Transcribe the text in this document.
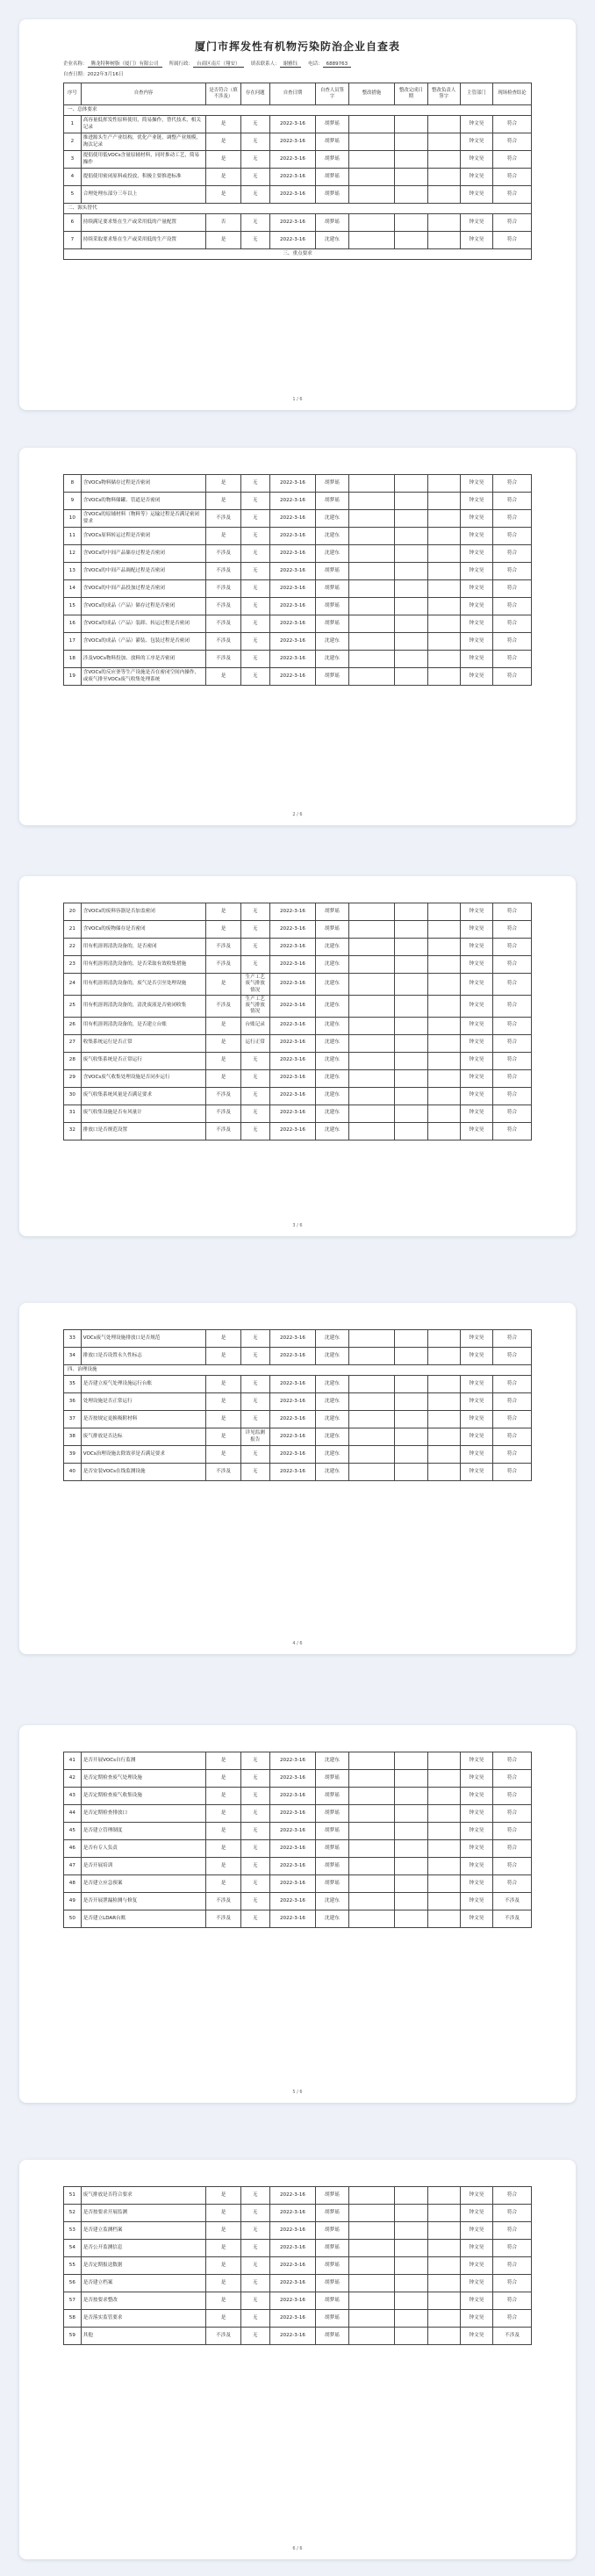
厦门市挥发性有机物污染防治企业自查表
企业名称： 腾龙特种树脂（厦门）有限公司 所属行政： 台商区南片（翔安） 填表联系人： 谢雅钰 电话： 6889763
自查日期：2022年3月16日
序号	自查内容	是否符合（填不涉及）	存在问题	自查日期	自查人员签字	整改措施	整改完成日期	整改负责人签字	主管部门	现场检查结论
一、总体要求										
1	高容量低挥发性原料使用，简易操作，替代技术，相关记录	是	无	2022-3-16	胡梦瑶				钟文昊	符合
2	推进源头生产产业结构，优化产业链，调整产业规模，淘汰记录	是	无	2022-3-16	胡梦瑶				钟文昊	符合
3	提倡使用低VOCs含量原辅材料，同时推动工艺，简易操作	是	无	2022-3-16	胡梦瑶				钟文昊	符合
4	提倡使用密闭原料或投放，积极主要推进标准	是	无	2022-3-16	胡梦瑶				钟文昊	符合
5	合理处理东部分三年以上	是	无	2022-3-16	胡梦瑶				钟文昊	符合
二、源头替代										
6	持续满足要求集在生产或采用低的产量配置	否	无	2022-3-16	胡梦瑶				钟文昊	符合
7	持续采取要求集在生产或采用低的生产设置	是	无	2022-3-16	沈建东				钟文昊	符合
三、重点要求										
1 / 6
8	含VOCs物料储存过程是否密闭	是	无	2022-3-16	胡梦瑶				钟文昊	符合
9	含VOCs的物料储罐、管道是否密闭	是	无	2022-3-16	胡梦瑶				钟文昊	符合
10	含VOCs的原辅材料（物料等）运输过程是否满足密闭要求	不涉及	无	2022-3-16	沈建东				钟文昊	符合
11	含VOCs原料转运过程是否密闭	是	无	2022-3-16	沈建东				钟文昊	符合
12	含VOCs的中间产品储存过程是否密闭	不涉及	无	2022-3-16	沈建东				钟文昊	符合
13	含VOCs的中间产品调配过程是否密闭	不涉及	无	2022-3-16	胡梦瑶				钟文昊	符合
14	含VOCs的中间产品投加过程是否密闭	不涉及	无	2022-3-16	胡梦瑶				钟文昊	符合
15	含VOCs的成品（产品）储存过程是否密闭	不涉及	无	2022-3-16	胡梦瑶				钟文昊	符合
16	含VOCs的成品（产品）装卸、转运过程是否密闭	不涉及	无	2022-3-16	胡梦瑶				钟文昊	符合
17	含VOCs的成品（产品）灌装、包装过程是否密闭	不涉及	无	2022-3-16	沈建东				钟文昊	符合
18	涉及VOCs物料投加、放料的工序是否密闭	不涉及	无	2022-3-16	沈建东				钟文昊	符合
19	含VOCs的反应釜等生产设施是否在密闭空间内操作，或废气排至VOCs废气收集处理系统	是	无	2022-3-16	胡梦瑶				钟文昊	符合
2 / 6
20	含VOCs的废料容器是否加盖密闭	是	无	2022-3-16	胡梦瑶				钟文昊	符合
21	含VOCs的废物储存是否密闭	是	无	2022-3-16	胡梦瑶				钟文昊	符合
22	用有机溶剂清洗设备的，是否密闭	不涉及	无	2022-3-16	沈建东				钟文昊	符合
23	用有机溶剂清洗设备的，是否采取有效收集措施	不涉及	无	2022-3-16	沈建东				钟文昊	符合
24	用有机溶剂清洗设备的，废气是否引至处理设施	是	生产工艺废气排放情况	2022-3-16	沈建东				钟文昊	符合
25	用有机溶剂清洗设备的，清洗废液是否密闭收集	不涉及	生产工艺废气排放情况	2022-3-16	沈建东				钟文昊	符合
26	用有机溶剂清洗设备的，是否建立台账	是	台账记录	2022-3-16	沈建东				钟文昊	符合
27	收集系统运行是否正常	是	运行正常	2022-3-16	沈建东				钟文昊	符合
28	废气收集系统是否正常运行	是	无	2022-3-16	沈建东				钟文昊	符合
29	含VOCs废气收集处理设施是否同步运行	是	无	2022-3-16	沈建东				钟文昊	符合
30	废气收集系统风量是否满足要求	不涉及	无	2022-3-16	沈建东				钟文昊	符合
31	废气收集设施是否有风量计	不涉及	无	2022-3-16	沈建东				钟文昊	符合
32	排放口是否规范设置	不涉及	无	2022-3-16	沈建东				钟文昊	符合
3 / 6
33	VOCs废气处理设施排放口是否规范	是	无	2022-3-16	沈建东				钟文昊	符合
34	排放口是否设置永久性标志	是	无	2022-3-16	沈建东				钟文昊	符合
四、治理设施										
35	是否建立废气处理设施运行台账	是	无	2022-3-16	沈建东				钟文昊	符合
36	处理设施是否正常运行	是	无	2022-3-16	沈建东				钟文昊	符合
37	是否按规定更换吸附材料	是	无	2022-3-16	沈建东				钟文昊	符合
38	废气排放是否达标	是	详见监测报告	2022-3-16	沈建东				钟文昊	符合
39	VOCs治理设施去除效率是否满足要求	是	无	2022-3-16	沈建东				钟文昊	符合
40	是否安装VOCs在线监测设施	不涉及	无	2022-3-16	沈建东				钟文昊	符合
4 / 6
41	是否开展VOCs自行监测	是	无	2022-3-16	沈建东				钟文昊	符合
42	是否定期检查废气处理设施	是	无	2022-3-16	胡梦瑶				钟文昊	符合
43	是否定期检查废气收集设施	是	无	2022-3-16	胡梦瑶				钟文昊	符合
44	是否定期检查排放口	是	无	2022-3-16	胡梦瑶				钟文昊	符合
45	是否建立管理制度	是	无	2022-3-16	胡梦瑶				钟文昊	符合
46	是否有专人负责	是	无	2022-3-16	胡梦瑶				钟文昊	符合
47	是否开展培训	是	无	2022-3-16	胡梦瑶				钟文昊	符合
48	是否建立应急预案	是	无	2022-3-16	胡梦瑶				钟文昊	符合
49	是否开展泄漏检测与修复	不涉及	无	2022-3-16	沈建东				钟文昊	不涉及
50	是否建立LDAR台账	不涉及	无	2022-3-16	沈建东				钟文昊	不涉及
5 / 6
51	废气排放是否符合要求	是	无	2022-3-16	胡梦瑶				钟文昊	符合
52	是否按要求开展监测	是	无	2022-3-16	胡梦瑶				钟文昊	符合
53	是否建立监测档案	是	无	2022-3-16	胡梦瑶				钟文昊	符合
54	是否公开监测信息	是	无	2022-3-16	胡梦瑶				钟文昊	符合
55	是否定期报送数据	是	无	2022-3-16	胡梦瑶				钟文昊	符合
56	是否建立档案	是	无	2022-3-16	胡梦瑶				钟文昊	符合
57	是否按要求整改	是	无	2022-3-16	胡梦瑶				钟文昊	符合
58	是否落实监管要求	是	无	2022-3-16	胡梦瑶				钟文昊	符合
59	其他	不涉及	无	2022-3-16	胡梦瑶				钟文昊	不涉及
6 / 6
